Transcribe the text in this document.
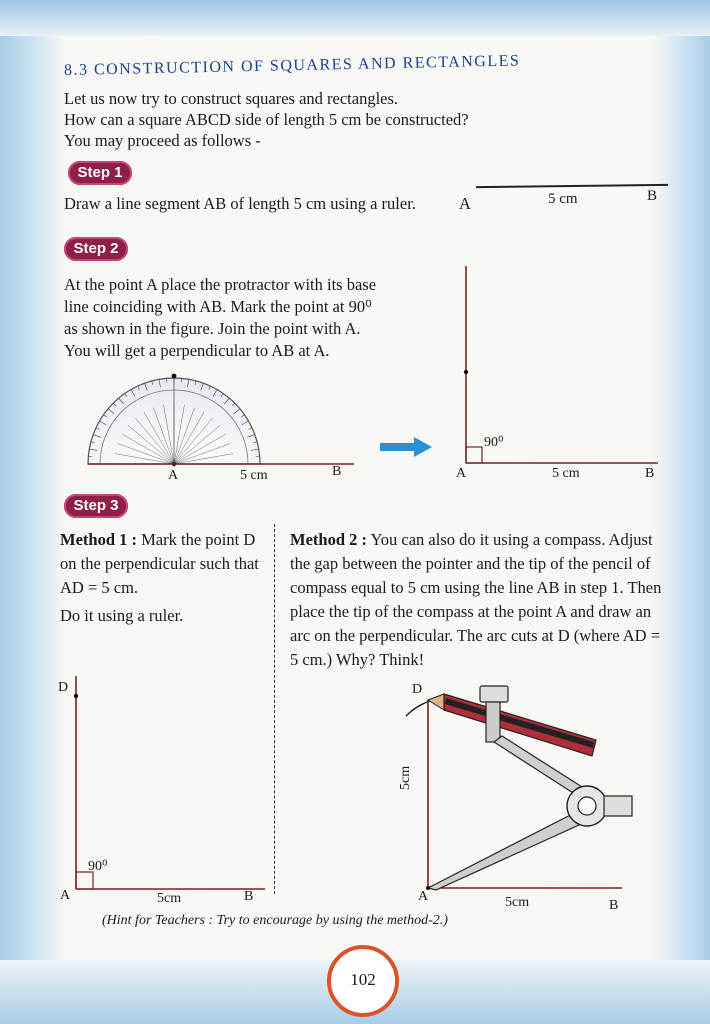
8.3 CONSTRUCTION OF SQUARES AND RECTANGLES
Let us now try to construct squares and rectangles.
How can a square ABCD side of length 5 cm be constructed?
You may proceed as follows -
Step 1
Draw a line segment AB of length 5 cm using a ruler.	A	5 cm	B
Step 2
At the point A place the protractor with its base
line coinciding with AB. Mark the point at 90⁰
as shown in the figure. Join the point with A.
You will get a perpendicular to AB at A.
A	5 cm	B
90⁰
A	5 cm	B
Step 3
Method 1 : Mark the point D on the perpendicular such that AD = 5 cm.
Do it using a ruler.
Method 2 : You can also do it using a compass. Adjust the gap between the pointer and the tip of the pencil of compass equal to 5 cm using the line AB in step 1. Then place the tip of the compass at the point A and draw an arc on the perpendicular. The arc cuts at D (where AD = 5 cm.) Why? Think!
D
90⁰
A	5cm	B
D
5cm
A	5cm	B
(Hint for Teachers : Try to encourage by using the method-2.)
102
